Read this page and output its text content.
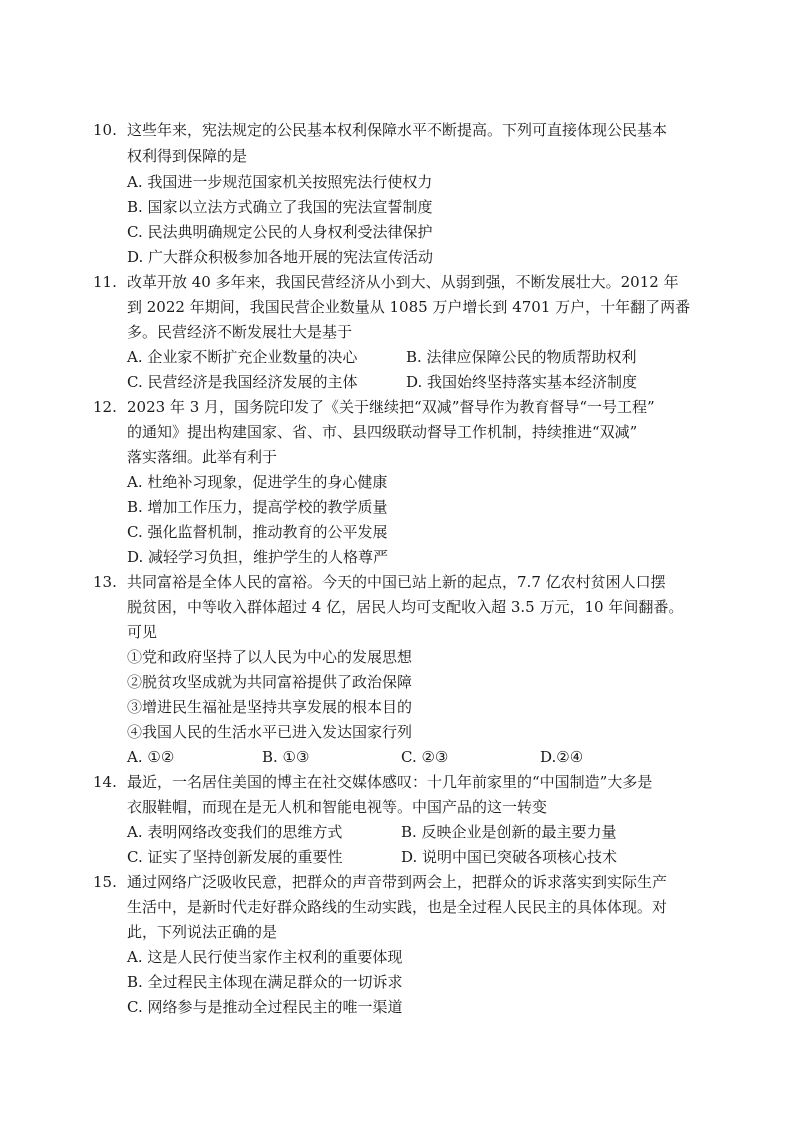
10. 这些年来，宪法规定的公民基本权利保障水平不断提高。下列可直接体现公民基本
权利得到保障的是
A. 我国进一步规范国家机关按照宪法行使权力
B. 国家以立法方式确立了我国的宪法宣誓制度
C. 民法典明确规定公民的人身权利受法律保护
D. 广大群众积极参加各地开展的宪法宣传活动
11. 改革开放 40 多年来，我国民营经济从小到大、从弱到强，不断发展壮大。2012 年
到 2022 年期间，我国民营企业数量从 1085 万户增长到 4701 万户，十年翻了两番
多。民营经济不断发展壮大是基于
A. 企业家不断扩充企业数量的决心	B. 法律应保障公民的物质帮助权利
C. 民营经济是我国经济发展的主体	D. 我国始终坚持落实基本经济制度
12. 2023 年 3 月，国务院印发了《关于继续把“双减”督导作为教育督导“一号工程”
的通知》提出构建国家、省、市、县四级联动督导工作机制，持续推进“双减”
落实落细。此举有利于
A. 杜绝补习现象，促进学生的身心健康
B. 增加工作压力，提高学校的教学质量
C. 强化监督机制，推动教育的公平发展
D. 减轻学习负担，维护学生的人格尊严
13. 共同富裕是全体人民的富裕。今天的中国已站上新的起点，7.7 亿农村贫困人口摆
脱贫困，中等收入群体超过 4 亿，居民人均可支配收入超 3.5 万元，10 年间翻番。
可见
①党和政府坚持了以人民为中心的发展思想
②脱贫攻坚成就为共同富裕提供了政治保障
③增进民生福祉是坚持共享发展的根本目的
④我国人民的生活水平已进入发达国家行列
A. ①②	B. ①③	C. ②③	D.②④
14. 最近，一名居住美国的博主在社交媒体感叹：十几年前家里的“中国制造”大多是
衣服鞋帽，而现在是无人机和智能电视等。中国产品的这一转变
A. 表明网络改变我们的思维方式	B. 反映企业是创新的最主要力量
C. 证实了坚持创新发展的重要性	D. 说明中国已突破各项核心技术
15. 通过网络广泛吸收民意，把群众的声音带到两会上，把群众的诉求落实到实际生产
生活中，是新时代走好群众路线的生动实践，也是全过程人民民主的具体体现。对
此，下列说法正确的是
A. 这是人民行使当家作主权利的重要体现
B. 全过程民主体现在满足群众的一切诉求
C. 网络参与是推动全过程民主的唯一渠道
